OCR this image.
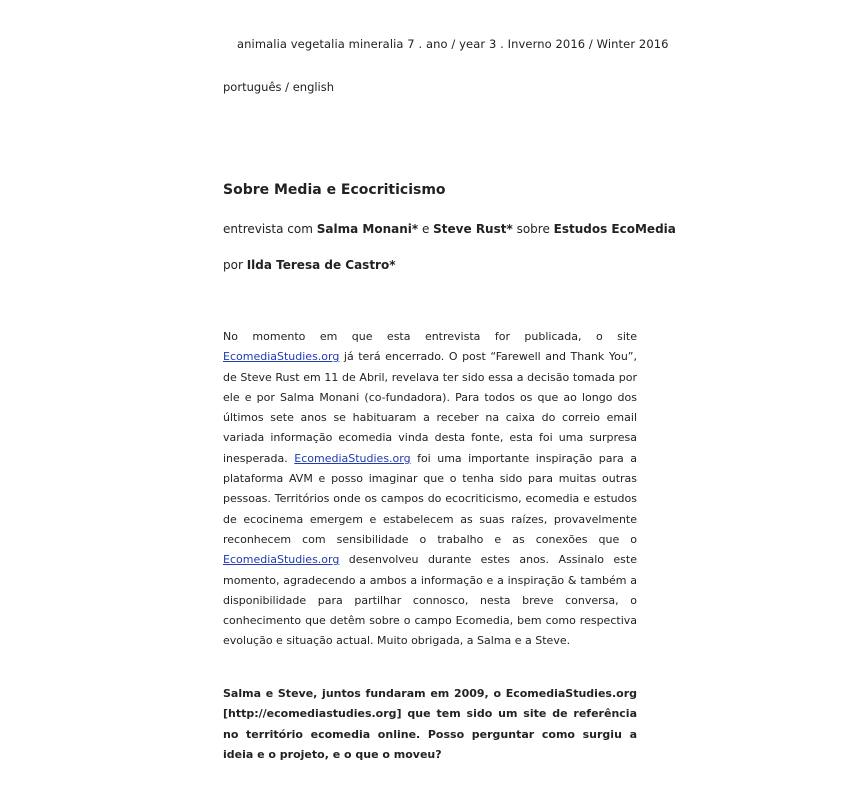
animalia vegetalia mineralia 7 . ano / year 3 . Inverno 2016 / Winter 2016
português / english
Sobre Media e Ecocriticismo
entrevista com Salma Monani* e Steve Rust* sobre Estudos EcoMedia
por Ilda Teresa de Castro*
No momento em que esta entrevista for publicada, o site EcomediaStudies.org já terá encerrado. O post “Farewell and Thank You”, de Steve Rust em 11 de Abril, revelava ter sido essa a decisão tomada por ele e por Salma Monani (co-fundadora). Para todos os que ao longo dos últimos sete anos se habituaram a receber na caixa do correio email variada informação ecomedia vinda desta fonte, esta foi uma surpresa inesperada. EcomediaStudies.org foi uma importante inspiração para a plataforma AVM e posso imaginar que o tenha sido para muitas outras pessoas. Territórios onde os campos do ecocriticismo, ecomedia e estudos de ecocinema emergem e estabelecem as suas raízes, provavelmente reconhecem com sensibilidade o trabalho e as conexões que o EcomediaStudies.org desenvolveu durante estes anos. Assinalo este momento, agradecendo a ambos a informação e a inspiração & também a disponibilidade para partilhar connosco, nesta breve conversa, o conhecimento que detêm sobre o campo Ecomedia, bem como respectiva evolução e situação actual. Muito obrigada, a Salma e a Steve.
Salma e Steve, juntos fundaram em 2009, o EcomediaStudies.org [http://ecomediastudies.org] que tem sido um site de referência no território ecomedia online. Posso perguntar como surgiu a ideia e o projeto, e o que o moveu?
